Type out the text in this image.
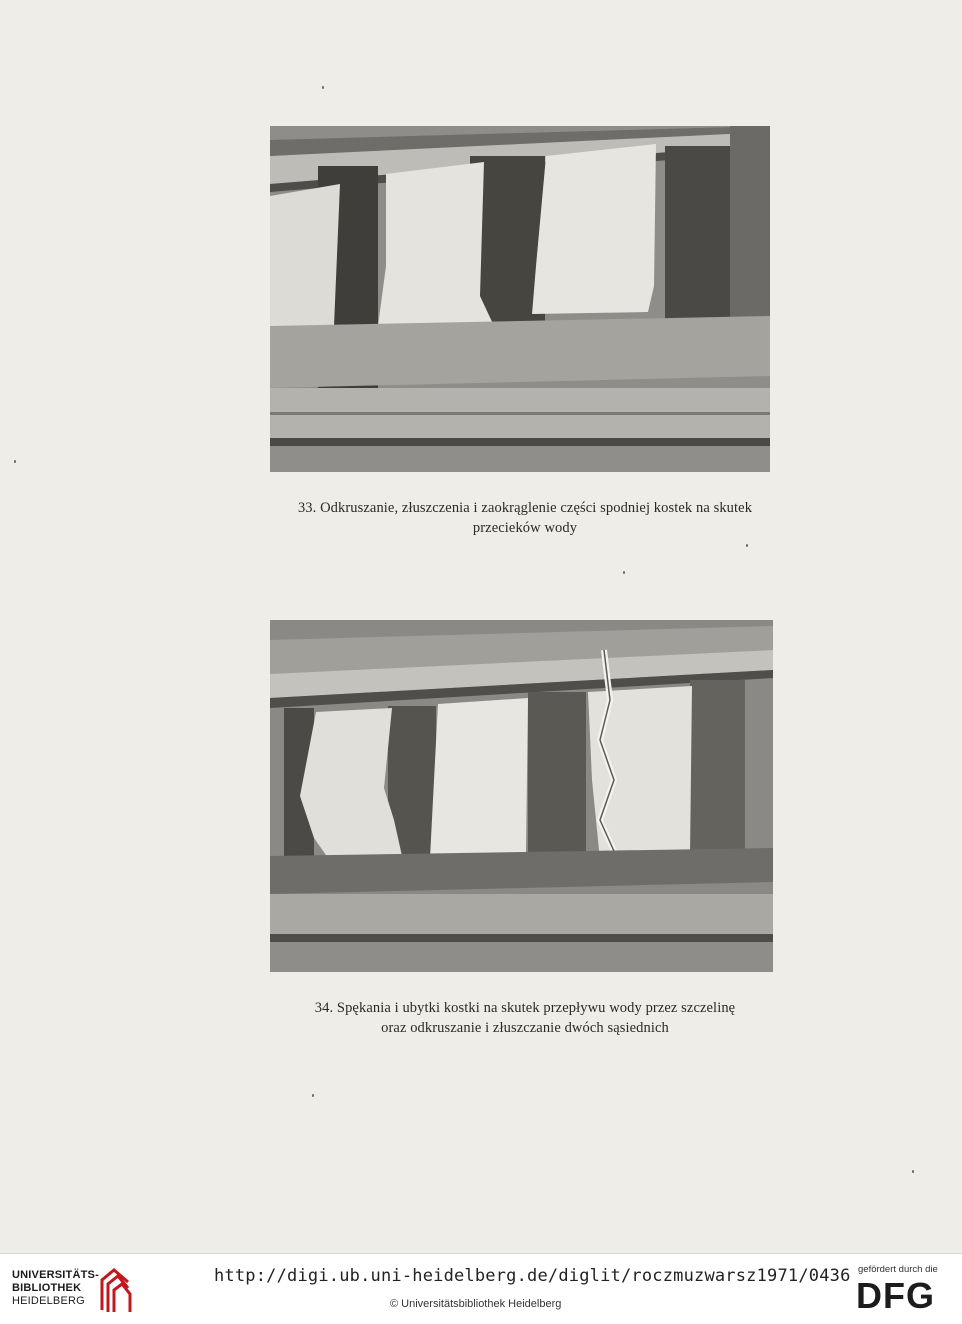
33. Odkruszanie, złuszczenia i zaokrąglenie części spodniej kostek na skutek
przecieków wody
34. Spękania i ubytki kostki na skutek przepływu wody przez szczelinę
oraz odkruszanie i złuszczanie dwóch sąsiednich
UNIVERSITÄTS-
BIBLIOTHEK
HEIDELBERG
http://digi.ub.uni-heidelberg.de/diglit/roczmuzwarsz1971/0436
© Universitätsbibliothek Heidelberg
gefördert durch die
DFG
